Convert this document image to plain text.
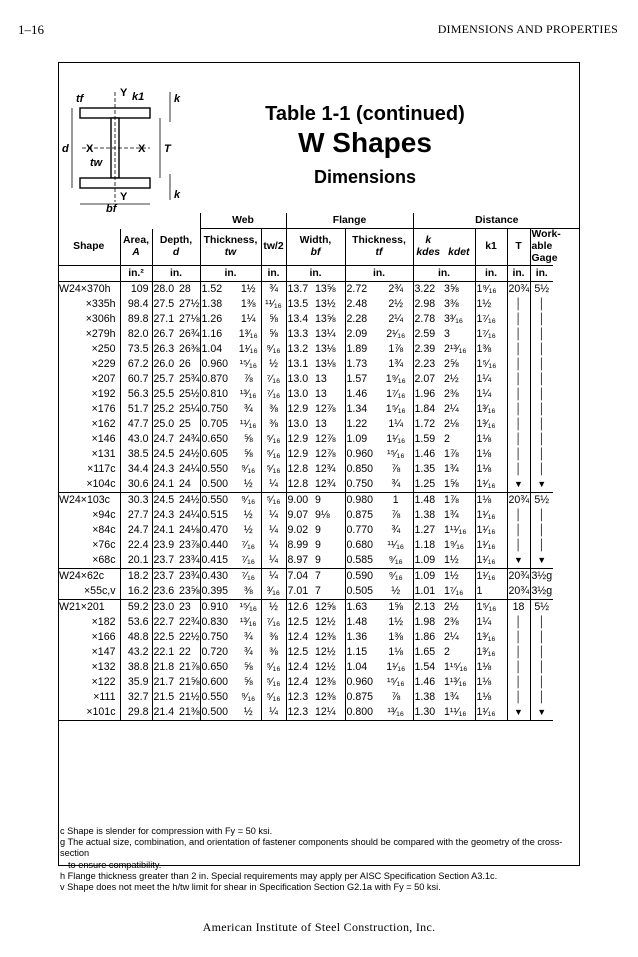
1–16	DIMENSIONS AND PROPERTIES
tf	Y k1	k
d X	X T
tw
Y	k
bf
Table 1-1 (continued)
W Shapes
Dimensions
				Web			Flange				Distance				
Shape	Area,
A	Depth,
d		Thickness,
tw		tw/2	Width,
bf		Thickness,
tf		k
kdes	kdet	k1	T	Work-
able
Gage
	in.²	in.		in.		in.	in.		in.		in.		in.	in.	in.
W24×370h	109	28.0	28	1.52	1½	¾	13.7	13⅝	2.72	2¾	3.22	3⅝	1⁹⁄₁₆	20¾	5½
×335h	98.4	27.5	27½	1.38	1⅜	¹¹⁄₁₆	13.5	13½	2.48	2½	2.98	3⅜	1½	│	│
×306h	89.8	27.1	27⅛	1.26	1¼	⅝	13.4	13⅝	2.28	2¼	2.78	3³⁄₁₆	1⁷⁄₁₆	│	│
×279h	82.0	26.7	26¾	1.16	1³⁄₁₆	⅝	13.3	13¼	2.09	2¹⁄₁₆	2.59	3	1⁷⁄₁₆	│	│
×250	73.5	26.3	26⅜	1.04	1¹⁄₁₆	⁹⁄₁₆	13.2	13⅛	1.89	1⅞	2.39	2¹³⁄₁₆	1⅜	│	│
×229	67.2	26.0	26	0.960	¹⁵⁄₁₆	½	13.1	13⅛	1.73	1¾	2.23	2⅝	1⁵⁄₁₆	│	│
×207	60.7	25.7	25¾	0.870	⅞	⁷⁄₁₆	13.0	13	1.57	1⁹⁄₁₆	2.07	2½	1¼	│	│
×192	56.3	25.5	25½	0.810	¹³⁄₁₆	⁷⁄₁₆	13.0	13	1.46	1⁷⁄₁₆	1.96	2⅜	1¼	│	│
×176	51.7	25.2	25¼	0.750	¾	⅜	12.9	12⅞	1.34	1⁵⁄₁₆	1.84	2¼	1³⁄₁₆	│	│
×162	47.7	25.0	25	0.705	¹¹⁄₁₆	⅜	13.0	13	1.22	1¼	1.72	2⅛	1³⁄₁₆	│	│
×146	43.0	24.7	24¾	0.650	⅝	⁵⁄₁₆	12.9	12⅞	1.09	1¹⁄₁₆	1.59	2	1⅛	│	│
×131	38.5	24.5	24½	0.605	⅝	⁵⁄₁₆	12.9	12⅞	0.960	¹⁵⁄₁₆	1.46	1⅞	1⅛	│	│
×117c	34.4	24.3	24¼	0.550	⁹⁄₁₆	⁵⁄₁₆	12.8	12¾	0.850	⅞	1.35	1¾	1⅛	│	│
×104c	30.6	24.1	24	0.500	½	¼	12.8	12¾	0.750	¾	1.25	1⅝	1¹⁄₁₆	▼	▼
W24×103c	30.3	24.5	24½	0.550	⁹⁄₁₆	⁵⁄₁₆	9.00	9	0.980	1	1.48	1⅞	1⅛	20¾	5½
×94c	27.7	24.3	24¼	0.515	½	¼	9.07	9⅛	0.875	⅞	1.38	1¾	1¹⁄₁₆	│	│
×84c	24.7	24.1	24⅛	0.470	½	¼	9.02	9	0.770	¾	1.27	1¹¹⁄₁₆	1¹⁄₁₆	│	│
×76c	22.4	23.9	23⅞	0.440	⁷⁄₁₆	¼	8.99	9	0.680	¹¹⁄₁₆	1.18	1⁹⁄₁₆	1¹⁄₁₆	│	│
×68c	20.1	23.7	23¾	0.415	⁷⁄₁₆	¼	8.97	9	0.585	⁹⁄₁₆	1.09	1½	1¹⁄₁₆	▼	▼
W24×62c	18.2	23.7	23¾	0.430	⁷⁄₁₆	¼	7.04	7	0.590	⁹⁄₁₆	1.09	1½	1¹⁄₁₆	20¾	3½g
×55c,v	16.2	23.6	23⅝	0.395	⅜	³⁄₁₆	7.01	7	0.505	½	1.01	1⁷⁄₁₆	1	20¾	3½g
W21×201	59.2	23.0	23	0.910	¹⁵⁄₁₆	½	12.6	12⅝	1.63	1⅝	2.13	2½	1⁵⁄₁₆	18	5½
×182	53.6	22.7	22¾	0.830	¹³⁄₁₆	⁷⁄₁₆	12.5	12½	1.48	1½	1.98	2⅜	1¼	│	│
×166	48.8	22.5	22½	0.750	¾	⅜	12.4	12⅜	1.36	1⅜	1.86	2¼	1³⁄₁₆	│	│
×147	43.2	22.1	22	0.720	¾	⅜	12.5	12½	1.15	1⅛	1.65	2	1³⁄₁₆	│	│
×132	38.8	21.8	21⅞	0.650	⅝	⁵⁄₁₆	12.4	12½	1.04	1¹⁄₁₆	1.54	1¹⁵⁄₁₆	1⅛	│	│
×122	35.9	21.7	21⅝	0.600	⅝	⁵⁄₁₆	12.4	12⅜	0.960	¹⁵⁄₁₆	1.46	1¹³⁄₁₆	1⅛	│	│
×111	32.7	21.5	21½	0.550	⁹⁄₁₆	⁵⁄₁₆	12.3	12⅜	0.875	⅞	1.38	1¾	1⅛	│	│
×101c	29.8	21.4	21⅜	0.500	½	¼	12.3	12¼	0.800	¹³⁄₁₆	1.30	1¹¹⁄₁₆	1¹⁄₁₆	▼	▼
c Shape is slender for compression with Fy = 50 ksi.
g The actual size, combination, and orientation of fastener components should be compared with the geometry of the cross-section
to ensure compatibility.
h Flange thickness greater than 2 in. Special requirements may apply per AISC Specification Section A3.1c.
v Shape does not meet the h/tw limit for shear in Specification Section G2.1a with Fy = 50 ksi.
American Institute of Steel Construction, Inc.
